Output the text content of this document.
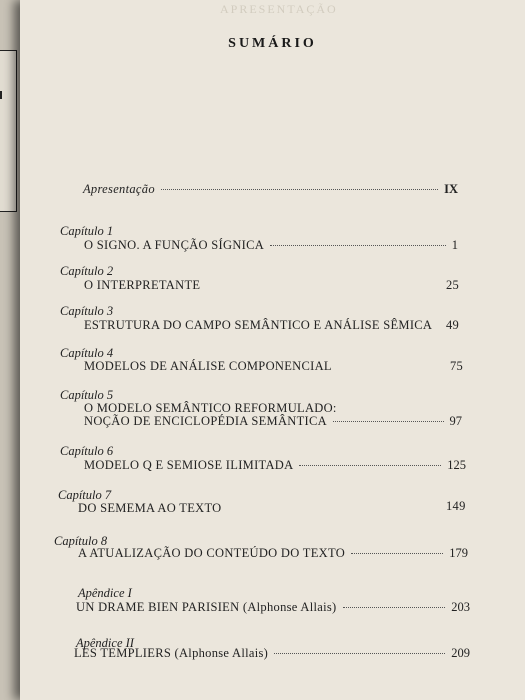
APRESENTAÇÃO
SUMÁRIO
Apresentação	IX
Capítulo 1
O SIGNO. A FUNÇÃO SÍGNICA	1
Capítulo 2
O INTERPRETANTE	25
Capítulo 3
ESTRUTURA DO CAMPO SEMÂNTICO E ANÁLISE SÊMICA 49
Capítulo 4
MODELOS DE ANÁLISE COMPONENCIAL	75
Capítulo 5
O MODELO SEMÂNTICO REFORMULADO:
NOÇÃO DE ENCICLOPÉDIA SEMÂNTICA	97
Capítulo 6
MODELO Q E SEMIOSE ILIMITADA	125
Capítulo 7
DO SEMEMA AO TEXTO	149
Capítulo 8
A ATUALIZAÇÃO DO CONTEÚDO DO TEXTO	179
Apêndice I
UN DRAME BIEN PARISIEN (Alphonse Allais)	203
Apêndice II
LES TEMPLIERS (Alphonse Allais)	209
